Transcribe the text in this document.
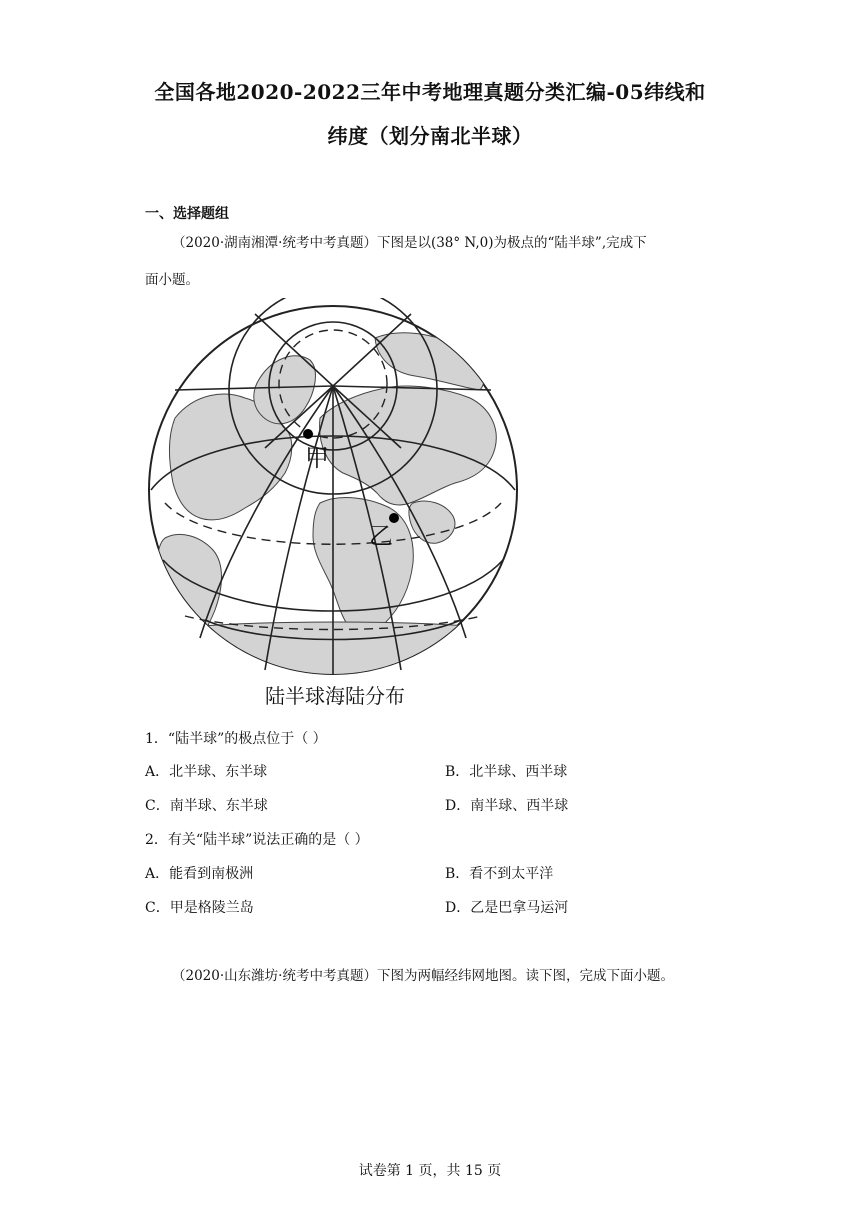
全国各地2020-2022三年中考地理真题分类汇编-05纬线和
纬度（划分南北半球）
一、选择题组
（2020·湖南湘潭·统考中考真题）下图是以(38° N,0)为极点的“陆半球”,完成下
面小题。
甲
乙
陆半球海陆分布
1．“陆半球”的极点位于（ ）
A．北半球、东半球	B．北半球、西半球
C．南半球、东半球	D．南半球、西半球
2．有关“陆半球”说法正确的是（ ）
A．能看到南极洲	B．看不到太平洋
C．甲是格陵兰岛	D．乙是巴拿马运河
（2020·山东潍坊·统考中考真题）下图为两幅经纬网地图。读下图，完成下面小题。
试卷第 1 页，共 15 页
